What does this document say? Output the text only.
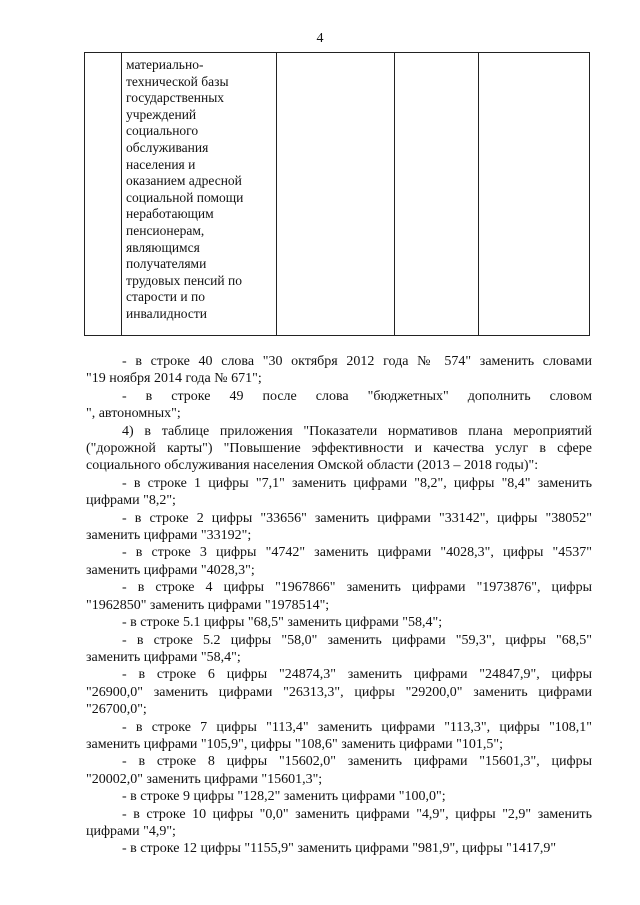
4

материально-
технической базы
государственных
учреждений
социального
обслуживания
населения и
оказанием адресной
социальной помощи
неработающим
пенсионерам,
являющимся
получателями
трудовых пенсий по
старости и по
инвалидности

- в строке 40 слова "30 октября 2012 года № 574" заменить словами

"19 ноября 2014 года № 671";

- в строке 49 после слова "бюджетных" дополнить словом

", автономных";

4) в таблице приложения "Показатели нормативов плана мероприятий

("дорожной карты") "Повышение эффективности и качества услуг в сфере

социального обслуживания населения Омской области (2013 – 2018 годы)":

- в строке 1 цифры "7,1" заменить цифрами "8,2", цифры "8,4" заменить

цифрами "8,2";

- в строке 2 цифры "33656" заменить цифрами "33142", цифры "38052"

заменить цифрами "33192";

- в строке 3 цифры "4742" заменить цифрами "4028,3", цифры "4537"

заменить цифрами "4028,3";

- в строке 4 цифры "1967866" заменить цифрами "1973876", цифры

"1962850" заменить цифрами "1978514";

- в строке 5.1 цифры "68,5" заменить цифрами "58,4";

- в строке 5.2 цифры "58,0" заменить цифрами "59,3", цифры "68,5"

заменить цифрами "58,4";

- в строке 6 цифры "24874,3" заменить цифрами "24847,9", цифры

"26900,0" заменить цифрами "26313,3", цифры "29200,0" заменить цифрами

"26700,0";

- в строке 7 цифры "113,4" заменить цифрами "113,3", цифры "108,1"

заменить цифрами "105,9", цифры "108,6" заменить цифрами "101,5";

- в строке 8 цифры "15602,0" заменить цифрами "15601,3", цифры

"20002,0" заменить цифрами "15601,3";

- в строке 9 цифры "128,2" заменить цифрами "100,0";

- в строке 10 цифры "0,0" заменить цифрами "4,9", цифры "2,9" заменить

цифрами "4,9";

- в строке 12 цифры "1155,9" заменить цифрами "981,9", цифры "1417,9"
